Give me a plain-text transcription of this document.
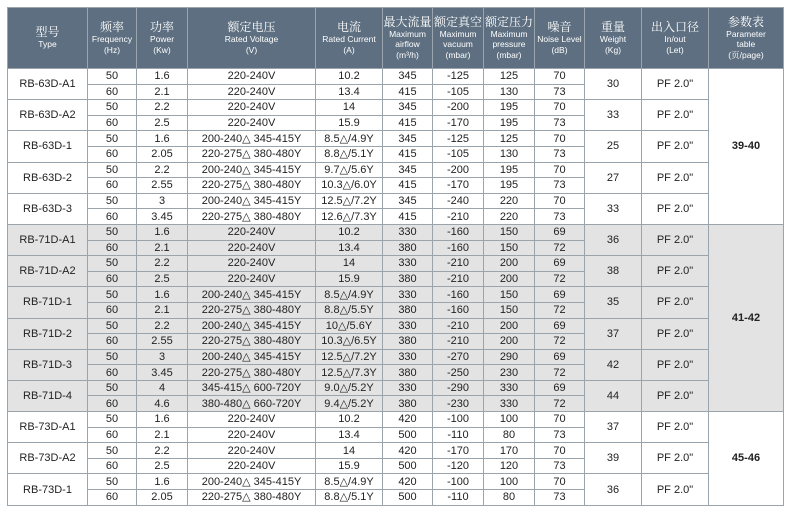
型号
Type	频率
Frequency
(Hz)	功率
Power
(Kw)	额定电压
Rated Voltage
(V)	电流
Rated Current
(A)	最大流量
Maximum
airflow
(m³/h)	额定真空
Maximum
vacuum
(mbar)	额定压力
Maximum
pressure
(mbar)	噪音
Noise Level
(dB)	重量
Weight
(Kg)	出入口径
In/out
(Let)	参数表
Parameter
table
(页/page)

RB-63D-A1	50	1.6	220-240V	10.2	345	-125	125	70	30	PF 2.0"	39-40
	60	2.1	220-240V	13.4	415	-105	130	73			
RB-63D-A2	50	2.2	220-240V	14	345	-200	195	70	33	PF 2.0"	
	60	2.5	220-240V	15.9	415	-170	195	73			
RB-63D-1	50	1.6	200-240△ 345-415Y	8.5△/4.9Y	345	-125	125	70	25	PF 2.0"	
	60	2.05	220-275△ 380-480Y	8.8△/5.1Y	415	-105	130	73			
RB-63D-2	50	2.2	200-240△ 345-415Y	9.7△/5.6Y	345	-200	195	70	27	PF 2.0"	
	60	2.55	220-275△ 380-480Y	10.3△/6.0Y	415	-170	195	73			
RB-63D-3	50	3	200-240△ 345-415Y	12.5△/7.2Y	345	-240	220	70	33	PF 2.0"	
	60	3.45	220-275△ 380-480Y	12.6△/7.3Y	415	-210	220	73			
RB-71D-A1	50	1.6	220-240V	10.2	330	-160	150	69	36	PF 2.0"	41-42
	60	2.1	220-240V	13.4	380	-160	150	72			
RB-71D-A2	50	2.2	220-240V	14	330	-210	200	69	38	PF 2.0"	
	60	2.5	220-240V	15.9	380	-210	200	72			
RB-71D-1	50	1.6	200-240△ 345-415Y	8.5△/4.9Y	330	-160	150	69	35	PF 2.0"	
	60	2.1	220-275△ 380-480Y	8.8△/5.5Y	380	-160	150	72			
RB-71D-2	50	2.2	200-240△ 345-415Y	10△/5.6Y	330	-210	200	69	37	PF 2.0"	
	60	2.55	220-275△ 380-480Y	10.3△/6.5Y	380	-210	200	72			
RB-71D-3	50	3	200-240△ 345-415Y	12.5△/7.2Y	330	-270	290	69	42	PF 2.0"	
	60	3.45	220-275△ 380-480Y	12.5△/7.3Y	380	-250	230	72			
RB-71D-4	50	4	345-415△ 600-720Y	9.0△/5.2Y	330	-290	330	69	44	PF 2.0"	
	60	4.6	380-480△ 660-720Y	9.4△/5.2Y	380	-230	330	72			
RB-73D-A1	50	1.6	220-240V	10.2	420	-100	100	70	37	PF 2.0"	45-46
	60	2.1	220-240V	13.4	500	-110	80	73			
RB-73D-A2	50	2.2	220-240V	14	420	-170	170	70	39	PF 2.0"	
	60	2.5	220-240V	15.9	500	-120	120	73			
RB-73D-1	50	1.6	200-240△ 345-415Y	8.5△/4.9Y	420	-100	100	70	36	PF 2.0"	
	60	2.05	220-275△ 380-480Y	8.8△/5.1Y	500	-110	80	73			
